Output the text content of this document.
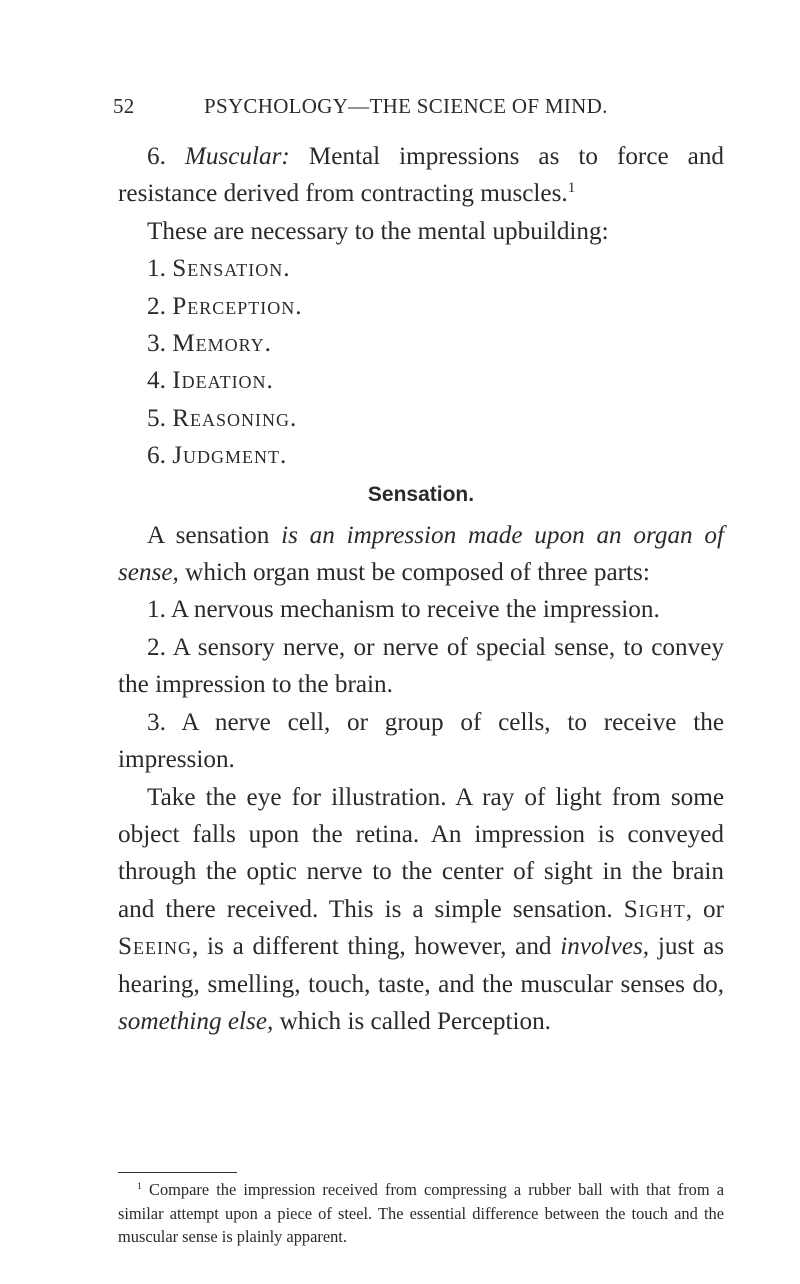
52	PSYCHOLOGY—THE SCIENCE OF MIND.

6. Muscular: Mental impressions as to force and resistance derived from contracting muscles.$^1$

These are necessary to the mental upbuilding:

1. Sensation.

2. Perception.

3. Memory.

4. Ideation.

5. Reasoning.

6. Judgment.

Sensation.

A sensation is an impression made upon an organ of sense, which organ must be composed of three parts:

1. A nervous mechanism to receive the impression.

2. A sensory nerve, or nerve of special sense, to convey the impression to the brain.

3. A nerve cell, or group of cells, to receive the impression.

Take the eye for illustration. A ray of light from some object falls upon the retina. An impression is conveyed through the optic nerve to the center of sight in the brain and there received. This is a simple sensation. Sight, or Seeing, is a different thing, however, and involves, just as hearing, smelling, touch, taste, and the muscular senses do, something else, which is called Perception.

$^1$ Compare the impression received from compressing a rubber ball with that from a similar attempt upon a piece of steel. The essential difference between the touch and the muscular sense is plainly apparent.
